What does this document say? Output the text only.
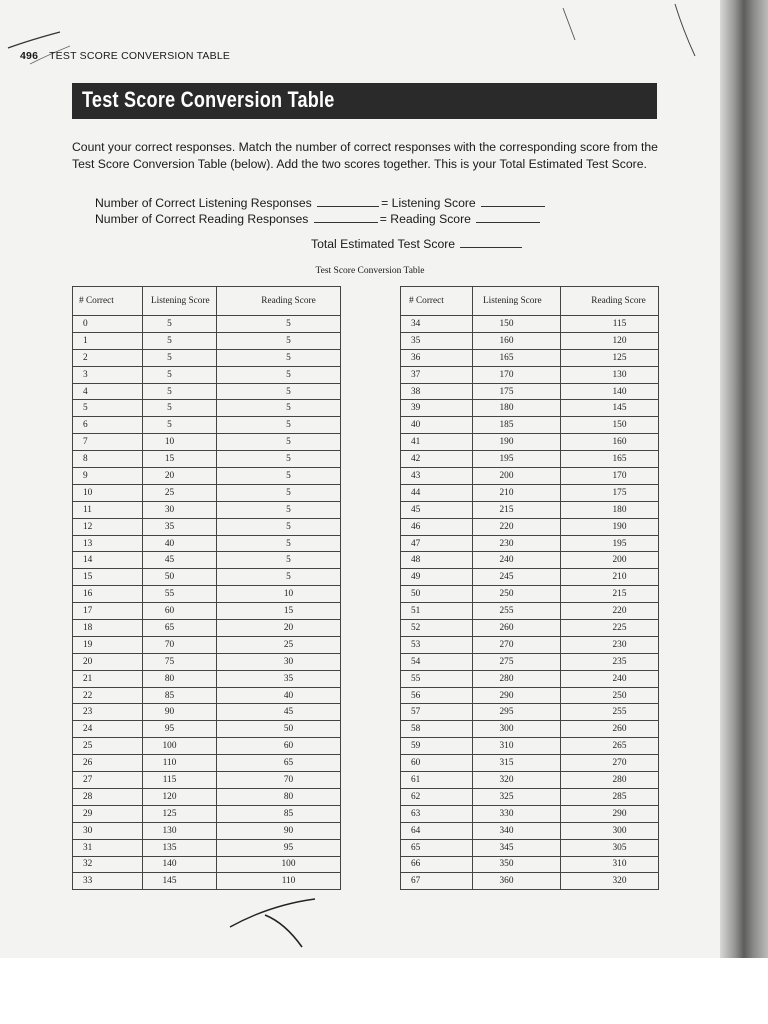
496 TEST SCORE CONVERSION TABLE
Test Score Conversion Table
Count your correct responses. Match the number of correct responses with the corresponding score from the Test Score Conversion Table (below). Add the two scores together. This is your Total Estimated Test Score.
Number of Correct Listening Responses	= Listening Score
Number of Correct Reading Responses	= Reading Score
Total Estimated Test Score
Test Score Conversion Table
# Correct	Listening Score	Reading Score
0	5	5
1	5	5
2	5	5
3	5	5
4	5	5
5	5	5
6	5	5
7	10	5
8	15	5
9	20	5
10	25	5
11	30	5
12	35	5
13	40	5
14	45	5
15	50	5
16	55	10
17	60	15
18	65	20
19	70	25
20	75	30
21	80	35
22	85	40
23	90	45
24	95	50
25	100	60
26	110	65
27	115	70
28	120	80
29	125	85
30	130	90
31	135	95
32	140	100
33	145	110
# Correct	Listening Score	Reading Score
34	150	115
35	160	120
36	165	125
37	170	130
38	175	140
39	180	145
40	185	150
41	190	160
42	195	165
43	200	170
44	210	175
45	215	180
46	220	190
47	230	195
48	240	200
49	245	210
50	250	215
51	255	220
52	260	225
53	270	230
54	275	235
55	280	240
56	290	250
57	295	255
58	300	260
59	310	265
60	315	270
61	320	280
62	325	285
63	330	290
64	340	300
65	345	305
66	350	310
67	360	320
